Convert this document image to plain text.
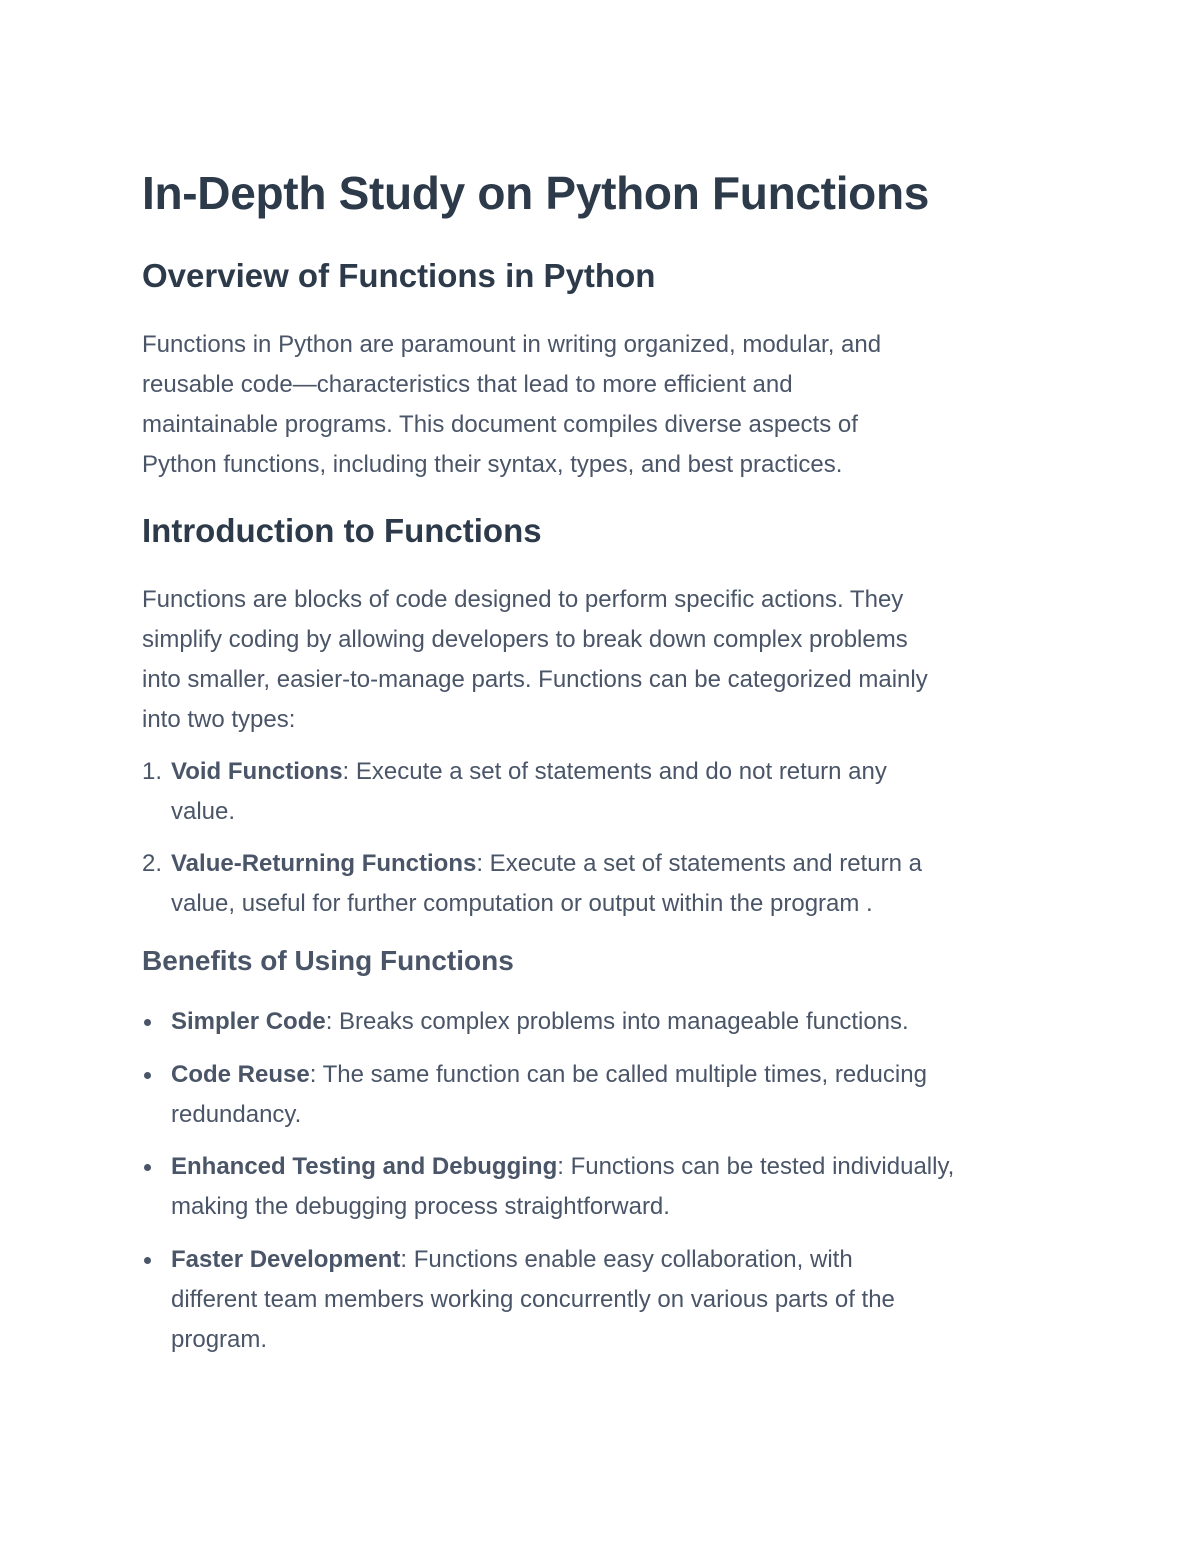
In-Depth Study on Python Functions
Overview of Functions in Python

Functions in Python are paramount in writing organized, modular, and
reusable code—characteristics that lead to more efficient and
maintainable programs. This document compiles diverse aspects of
Python functions, including their syntax, types, and best practices.

Introduction to Functions

Functions are blocks of code designed to perform specific actions. They
simplify coding by allowing developers to break down complex problems
into smaller, easier-to-manage parts. Functions can be categorized mainly
into two types:

1. Void Functions: Execute a set of statements and do not return any
value.
2. Value-Returning Functions: Execute a set of statements and return a
value, useful for further computation or output within the program .
Benefits of Using Functions
Simpler Code: Breaks complex problems into manageable functions.
Code Reuse: The same function can be called multiple times, reducing
redundancy.
Enhanced Testing and Debugging: Functions can be tested individually,
making the debugging process straightforward.
Faster Development: Functions enable easy collaboration, with
different team members working concurrently on various parts of the
program.
